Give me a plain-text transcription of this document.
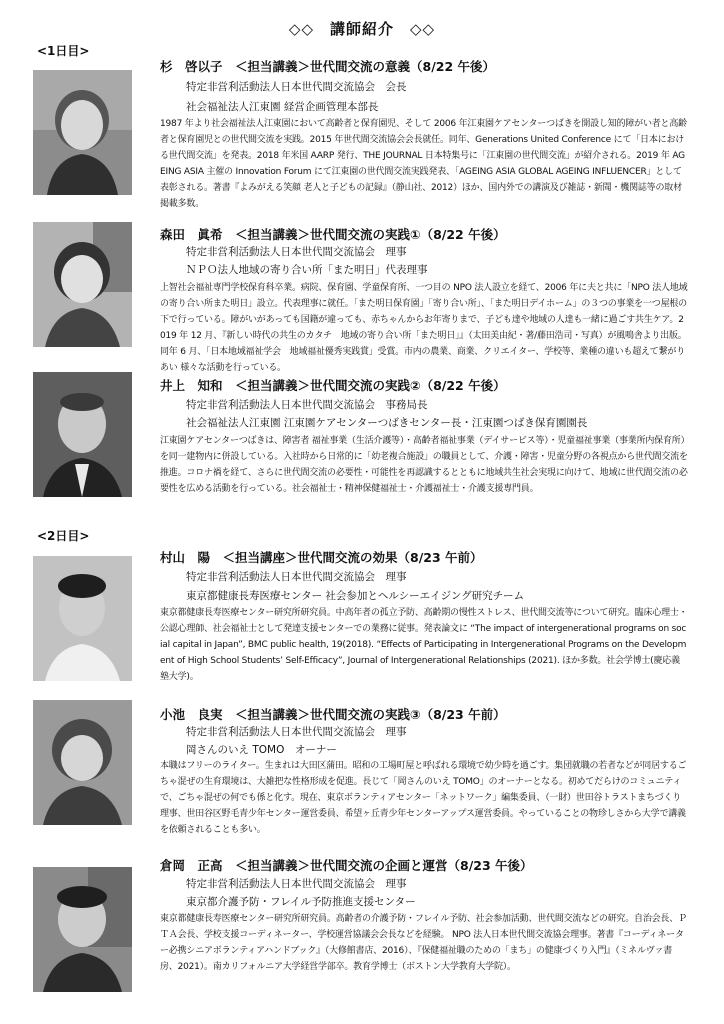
◇◇　講師紹介　◇◇
<1日目>
<2日目>
杉　啓以子　＜担当講義＞世代間交流の意義（8/22 午後）
特定非営利活動法人日本世代間交流協会　会長
社会福祉法人江東園 経営企画管理本部長
1987 年より社会福祉法人江東園において高齢者と保育園児、そして 2006 年江東園ケアセンターつばきを開設し知的障がい者と高齢者と保育園児との世代間交流を実践。2015 年世代間交流協会会長就任。同年、Generations United Conference にて「日本における世代間交流」を発表。2018 年米国 AARP 発行、THE JOURNAL 日本特集号に「江東園の世代間交流」が紹介される。2019 年 AGEING ASIA 主催の Innovation Forum にて江東園の世代間交流実践発表、「AGEING ASIA GLOBAL AGEING INFLUENCER」として表彰される。著書『よみがえる笑顔 老人と子どもの記録』（静山社、2012）ほか、国内外での講演及び雑誌・新聞・機関誌等の取材掲載多数。
森田　眞希　＜担当講義＞世代間交流の実践①（8/22 午後）
特定非営利活動法人日本世代間交流協会　理事
ＮＰＯ法人地域の寄り合い所「また明日」代表理事
上智社会福祉専門学校保育科卒業。病院、保育園、学童保育所、一つ目の NPO 法人設立を経て、2006 年に夫と共に「NPO 法人地域の寄り合い所また明日」設立。代表理事に就任。「また明日保育園」「寄り合い所」、「また明日デイホーム」の３つの事業を一つ屋根の下で行っている。障がいがあっても国籍が違っても、赤ちゃんからお年寄りまで、子ども達や地域の人達も一緒に過ごす共生ケア。2019 年 12 月、『新しい時代の共生のカタチ　地域の寄り合い所「また明日」』（太田美由紀・著/藤田浩司・写真）が風鳴舎より出版。同年 6 月、「日本地域福祉学会　地域福祉優秀実践賞」受賞。市内の農業、商業、クリエイター、学校等、業種の違いも超えて繋がりあい 様々な活動を行っている。
井上　知和　＜担当講義＞世代間交流の実践②（8/22 午後）
特定非営利活動法人日本世代間交流協会　事務局長
社会福祉法人江東園 江東園ケアセンターつばきセンター長・江東園つばき保育園園長
江東園ケアセンターつばきは、障害者 福祉事業（生活介護等）・高齢者福祉事業（デイサービス等）・児童福祉事業（事業所内保育所）を同一建物内に併設している。入社時から日常的に「幼老複合施設」の職員として、介護・障害・児童分野の各視点から世代間交流を推進。コロナ禍を経て、さらに世代間交流の必要性・可能性を再認識するとともに地域共生社会実現に向けて、地域に世代間交流の必要性を広める活動を行っている。社会福祉士・精神保健福祉士・介護福祉士・介護支援専門員。
村山　陽　＜担当講座＞世代間交流の効果（8/23 午前）
特定非営利活動法人日本世代間交流協会　理事
東京都健康長寿医療センター 社会参加とヘルシーエイジング研究チーム
東京都健康長寿医療センター研究所研究員。中高年者の孤立予防、高齢期の慢性ストレス、世代間交流等について研究。臨床心理士・公認心理師、社会福祉士として発達支援センターでの業務に従事。発表論文に “The impact of intergenerational programs on social capital in Japan”, BMC public health, 19(2018). “Effects of Participating in Intergenerational Programs on the Development of High School Students’ Self-Efficacy”, Journal of Intergenerational Relationships (2021). ほか多数。社会学博士(慶応義塾大学)。
小池　良実　＜担当講義＞世代間交流の実践③（8/23 午前）
特定非営利活動法人日本世代間交流協会　理事
岡さんのいえ TOMO　オーナー
本職はフリーのライター。生まれは大田区蒲田。昭和の工場町屋と呼ばれる環境で幼少時を過ごす。集団就職の若者などが同居するごちゃ混ぜの生育環境は、大雑把な性格形成を促進。長じて「岡さんのいえ TOMO」のオーナーとなる。初めてだらけのコミュニティで、ごちゃ混ぜの何でも係と化す。現在、東京ボランティアセンター「ネットワーク」編集委員、（一財）世田谷トラストまちづくり理事、世田谷区野毛青少年センター運営委員、希望ヶ丘青少年センターアップス運営委員。やっていることの物珍しさから大学で講義を依頼されることも多い。
倉岡　正高　＜担当講義＞世代間交流の企画と運営（8/23 午後）
特定非営利活動法人日本世代間交流協会　理事
東京都介護予防・フレイル予防推進支援センター
東京都健康長寿医療センター研究所研究員。高齢者の介護予防・フレイル予防、社会参加活動、世代間交流などの研究。自治会長、ＰＴＡ会長、学校支援コーディネーター、学校運営協議会会長などを経験。 NPO 法人日本世代間交流協会理事。著書『コーディネーター必携シニアボランティアハンドブック』（大修館書店、2016）、『保健福祉職のための「まち」の健康づくり入門』（ミネルヴァ書房、2021）。南カリフォルニア大学経営学部卒。教育学博士（ボストン大学教育大学院）。
